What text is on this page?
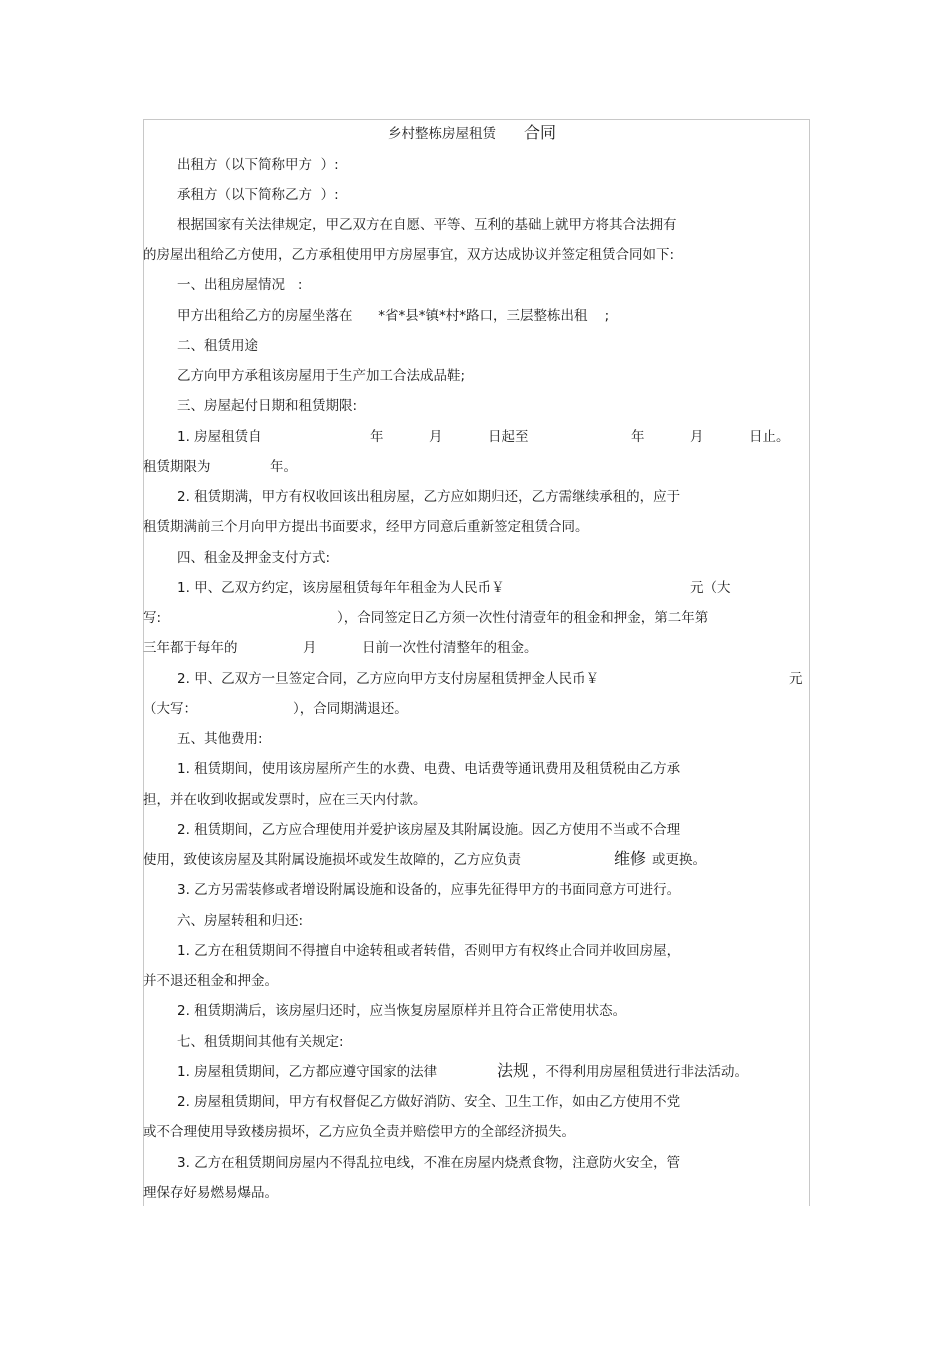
乡村整栋房屋租赁 合同
出租方（以下简称甲方  ）:
承租方（以下简称乙方  ）:
根据国家有关法律规定，甲乙双方在自愿、平等、互利的基础上就甲方将其合法拥有
的房屋出租给乙方使用，乙方承租使用甲方房屋事宜，双方达成协议并签定租赁合同如下:
一、出租房屋情况   :
甲方出租给乙方的房屋坐落在      *省*县*镇*村*路口，三层整栋出租    ;
二、租赁用途
乙方向甲方承租该房屋用于生产加工合法成品鞋;
三、房屋起付日期和租赁期限:
1. 房屋租赁自	年	月	日起至	年	月	日止。
租赁期限为	年。
2. 租赁期满，甲方有权收回该出租房屋，乙方应如期归还，乙方需继续承租的，应于
租赁期满前三个月向甲方提出书面要求，经甲方同意后重新签定租赁合同。
四、租金及押金支付方式:
1. 甲、乙双方约定，该房屋租赁每年年租金为人民币￥	元（大
写:	），合同签定日乙方须一次性付清壹年的租金和押金，第二年第
三年都于每年的	月	日前一次性付清整年的租金。
2. 甲、乙双方一旦签定合同，乙方应向甲方支付房屋租赁押金人民币￥	元
（大写：	），合同期满退还。
五、其他费用:
1. 租赁期间，使用该房屋所产生的水费、电费、电话费等通讯费用及租赁税由乙方承
担，并在收到收据或发票时，应在三天内付款。
2. 租赁期间，乙方应合理使用并爱护该房屋及其附属设施。因乙方使用不当或不合理
使用，致使该房屋及其附属设施损坏或发生故障的，乙方应负责	维修 或更换。
3. 乙方另需装修或者增设附属设施和设备的，应事先征得甲方的书面同意方可进行。
六、房屋转租和归还:
1. 乙方在租赁期间不得擅自中途转租或者转借，否则甲方有权终止合同并收回房屋，
并不退还租金和押金。
2. 租赁期满后，该房屋归还时，应当恢复房屋原样并且符合正常使用状态。
七、租赁期间其他有关规定:
1. 房屋租赁期间，乙方都应遵守国家的法律	法规 ，不得利用房屋租赁进行非法活动。
2. 房屋租赁期间，甲方有权督促乙方做好消防、安全、卫生工作，如由乙方使用不党
或不合理使用导致楼房损坏，乙方应负全责并赔偿甲方的全部经济损失。
3. 乙方在租赁期间房屋内不得乱拉电线，不准在房屋内烧煮食物，注意防火安全，管
理保存好易燃易爆品。
